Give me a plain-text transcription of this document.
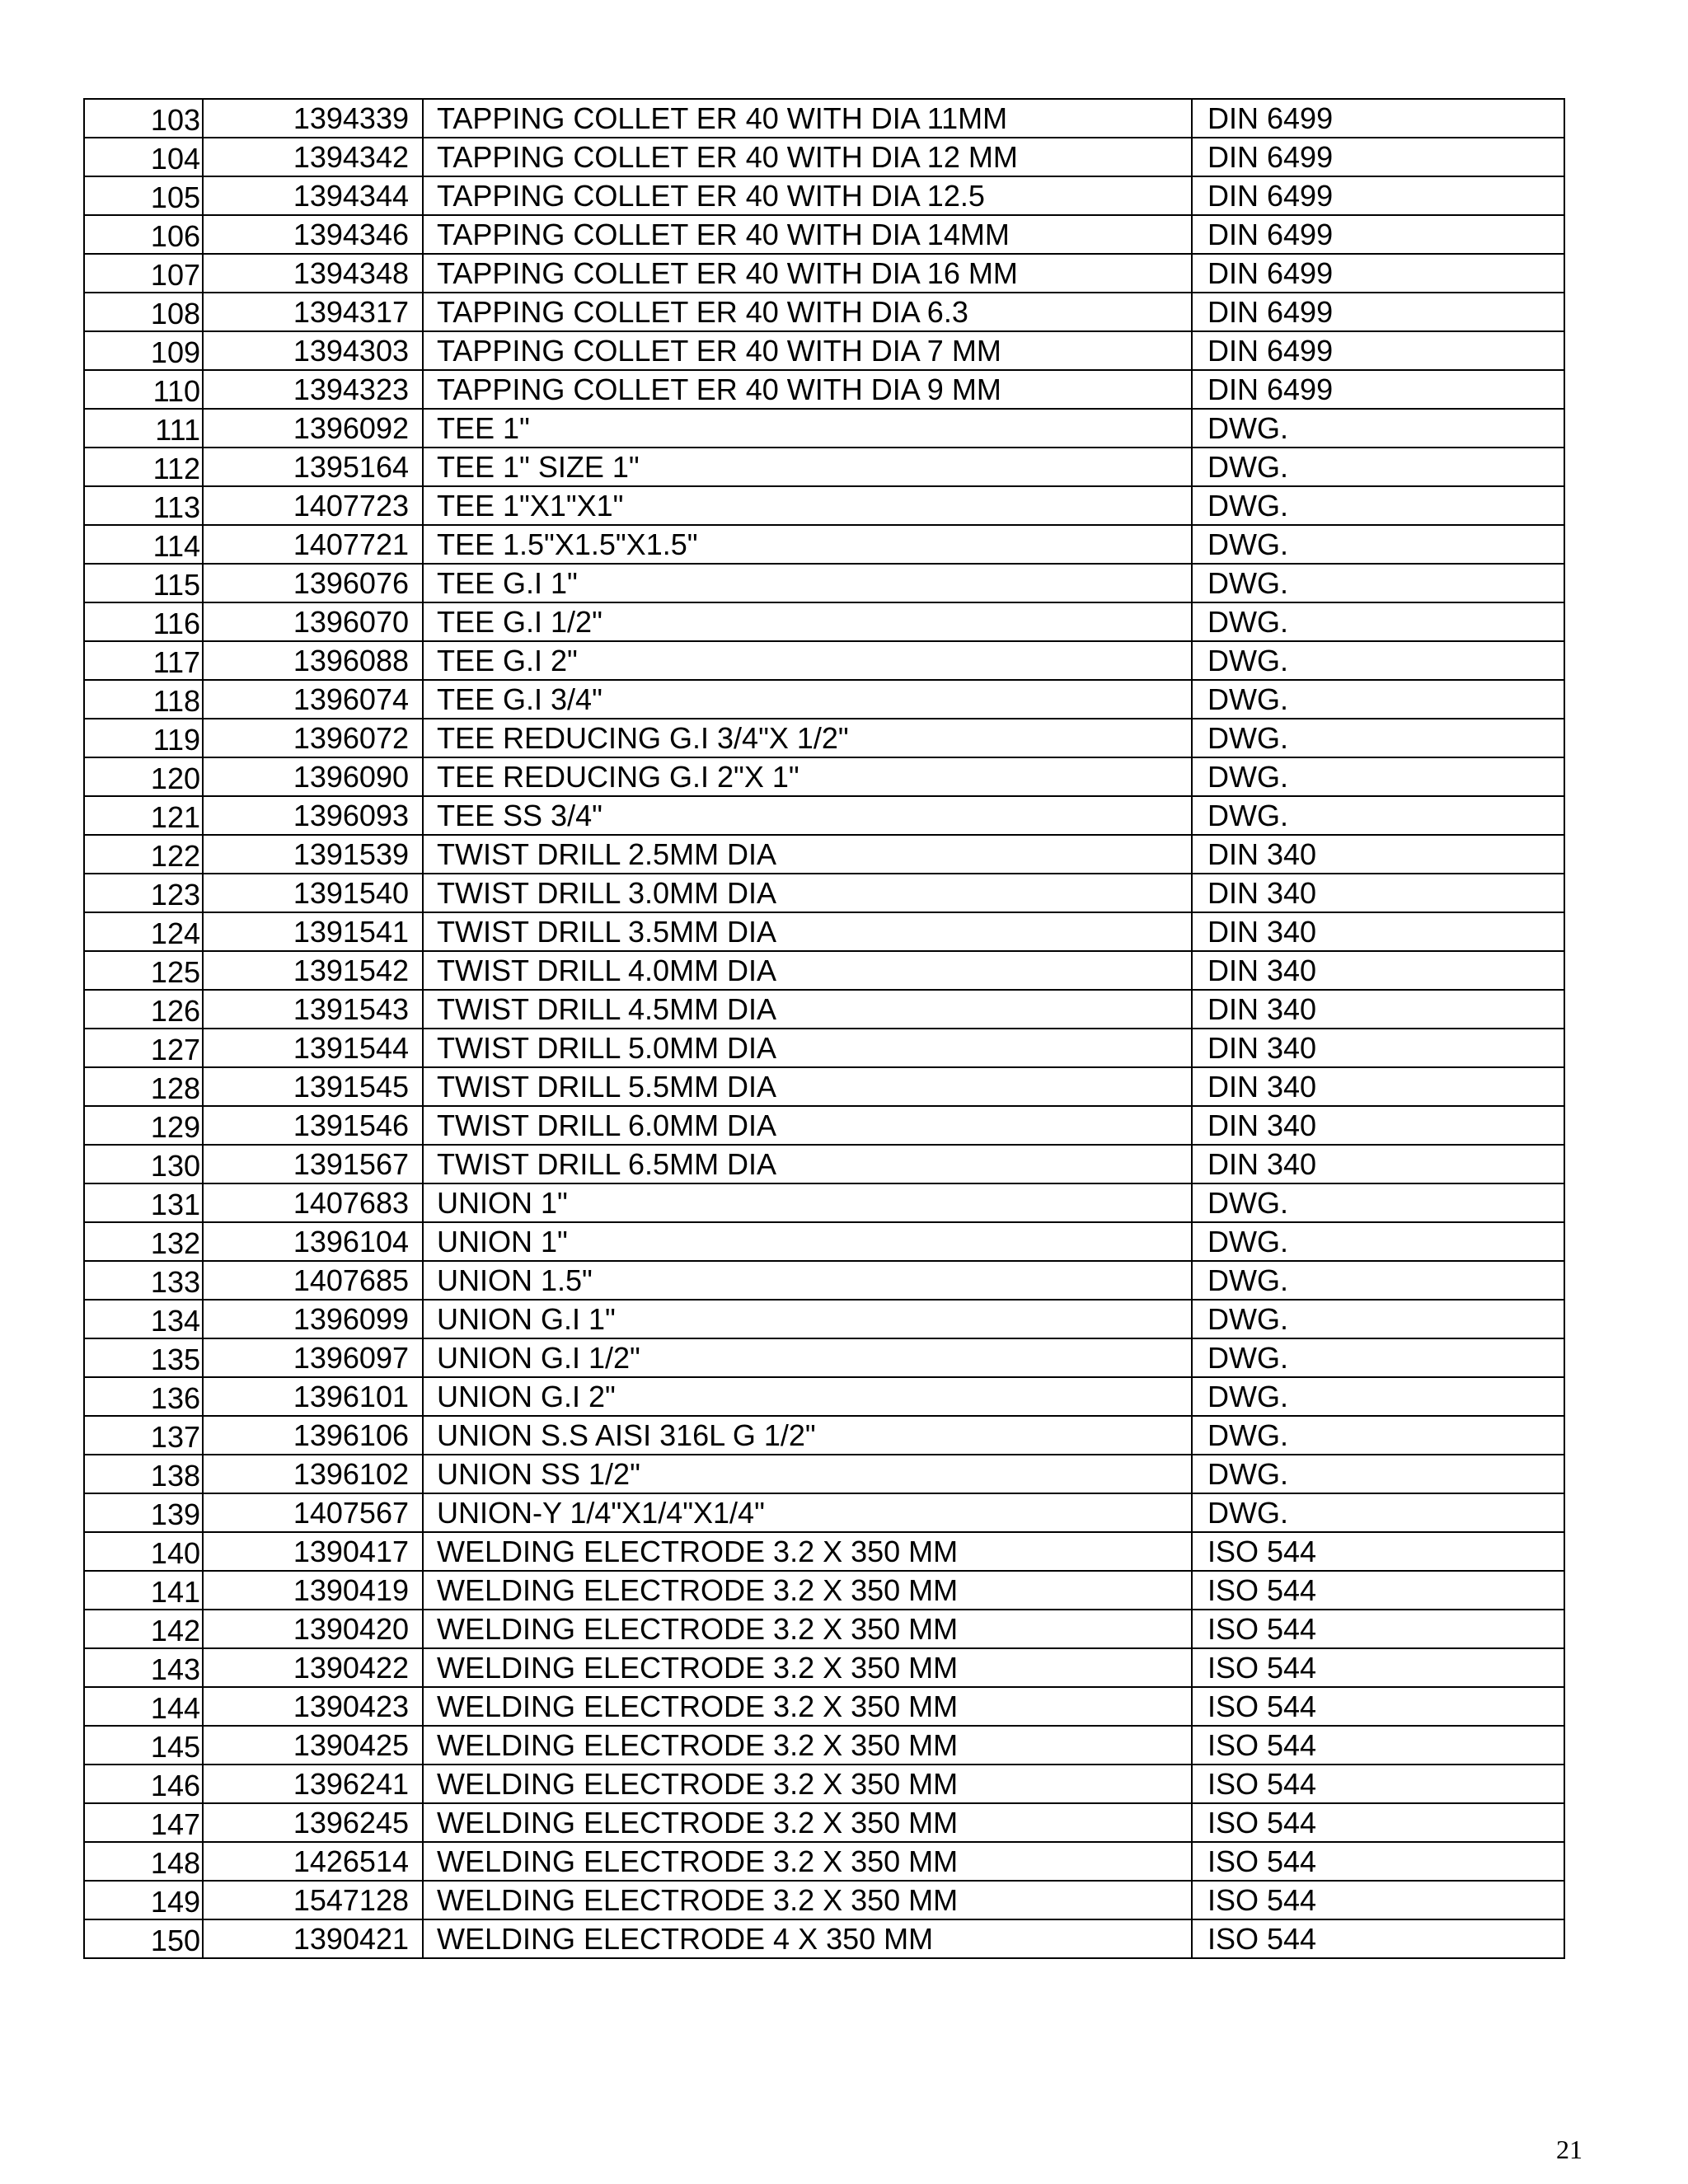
103	1394339	TAPPING COLLET ER 40 WITH DIA 11MM	DIN 6499
104	1394342	TAPPING COLLET ER 40 WITH DIA 12 MM	DIN 6499
105	1394344	TAPPING COLLET ER 40 WITH DIA 12.5	DIN 6499
106	1394346	TAPPING COLLET ER 40 WITH DIA 14MM	DIN 6499
107	1394348	TAPPING COLLET ER 40 WITH DIA 16 MM	DIN 6499
108	1394317	TAPPING COLLET ER 40 WITH DIA 6.3	DIN 6499
109	1394303	TAPPING COLLET ER 40 WITH DIA 7 MM	DIN 6499
110	1394323	TAPPING COLLET ER 40 WITH DIA 9 MM	DIN 6499
111	1396092	TEE 1"	DWG.
112	1395164	TEE 1" SIZE 1"	DWG.
113	1407723	TEE 1"X1"X1"	DWG.
114	1407721	TEE 1.5"X1.5"X1.5"	DWG.
115	1396076	TEE G.I 1"	DWG.
116	1396070	TEE G.I 1/2"	DWG.
117	1396088	TEE G.I 2"	DWG.
118	1396074	TEE G.I 3/4"	DWG.
119	1396072	TEE REDUCING G.I 3/4"X 1/2"	DWG.
120	1396090	TEE REDUCING G.I 2"X 1"	DWG.
121	1396093	TEE SS 3/4"	DWG.
122	1391539	TWIST DRILL 2.5MM DIA	DIN 340
123	1391540	TWIST DRILL 3.0MM DIA	DIN 340
124	1391541	TWIST DRILL 3.5MM DIA	DIN 340
125	1391542	TWIST DRILL 4.0MM DIA	DIN 340
126	1391543	TWIST DRILL 4.5MM DIA	DIN 340
127	1391544	TWIST DRILL 5.0MM DIA	DIN 340
128	1391545	TWIST DRILL 5.5MM DIA	DIN 340
129	1391546	TWIST DRILL 6.0MM DIA	DIN 340
130	1391567	TWIST DRILL 6.5MM DIA	DIN 340
131	1407683	UNION 1"	DWG.
132	1396104	UNION 1"	DWG.
133	1407685	UNION 1.5"	DWG.
134	1396099	UNION G.I 1"	DWG.
135	1396097	UNION G.I 1/2"	DWG.
136	1396101	UNION G.I 2"	DWG.
137	1396106	UNION S.S AISI 316L G 1/2"	DWG.
138	1396102	UNION SS 1/2"	DWG.
139	1407567	UNION-Y 1/4"X1/4"X1/4"	DWG.
140	1390417	WELDING ELECTRODE 3.2 X 350 MM	ISO 544
141	1390419	WELDING ELECTRODE 3.2 X 350 MM	ISO 544
142	1390420	WELDING ELECTRODE 3.2 X 350 MM	ISO 544
143	1390422	WELDING ELECTRODE 3.2 X 350 MM	ISO 544
144	1390423	WELDING ELECTRODE 3.2 X 350 MM	ISO 544
145	1390425	WELDING ELECTRODE 3.2 X 350 MM	ISO 544
146	1396241	WELDING ELECTRODE 3.2 X 350 MM	ISO 544
147	1396245	WELDING ELECTRODE 3.2 X 350 MM	ISO 544
148	1426514	WELDING ELECTRODE 3.2 X 350 MM	ISO 544
149	1547128	WELDING ELECTRODE 3.2 X 350 MM	ISO 544
150	1390421	WELDING ELECTRODE 4 X 350 MM	ISO 544
21
